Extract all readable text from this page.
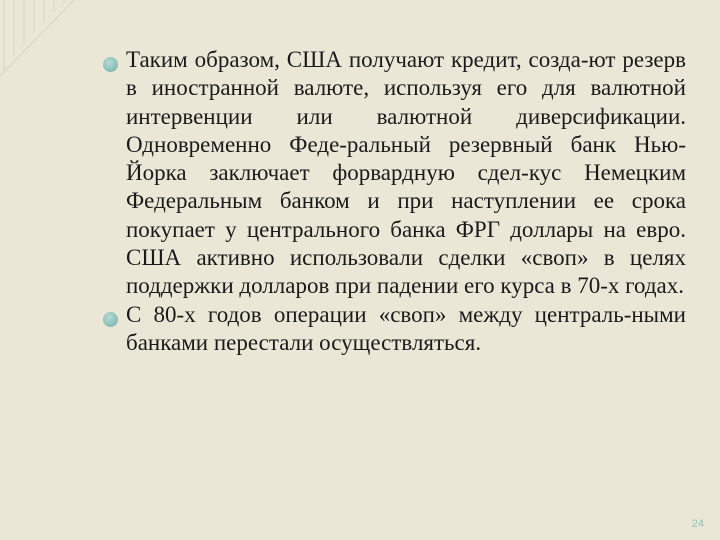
Таким образом, США получают кредит, созда-ют резерв в иностранной валюте, используя его для валютной интервенции или валютной диверсификации. Одновременно Феде-ральный резервный банк Нью-Йорка заключает форвардную сдел-кус Немецким Федеральным банком и при наступлении ее срока покупает у центрального банка ФРГ доллары на евро. США активно использовали сделки «своп» в целях поддержки долларов при падении его курса в 70-х годах.

С 80-х годов операции «своп» между централь-ными банками перестали осуществляться.

24
